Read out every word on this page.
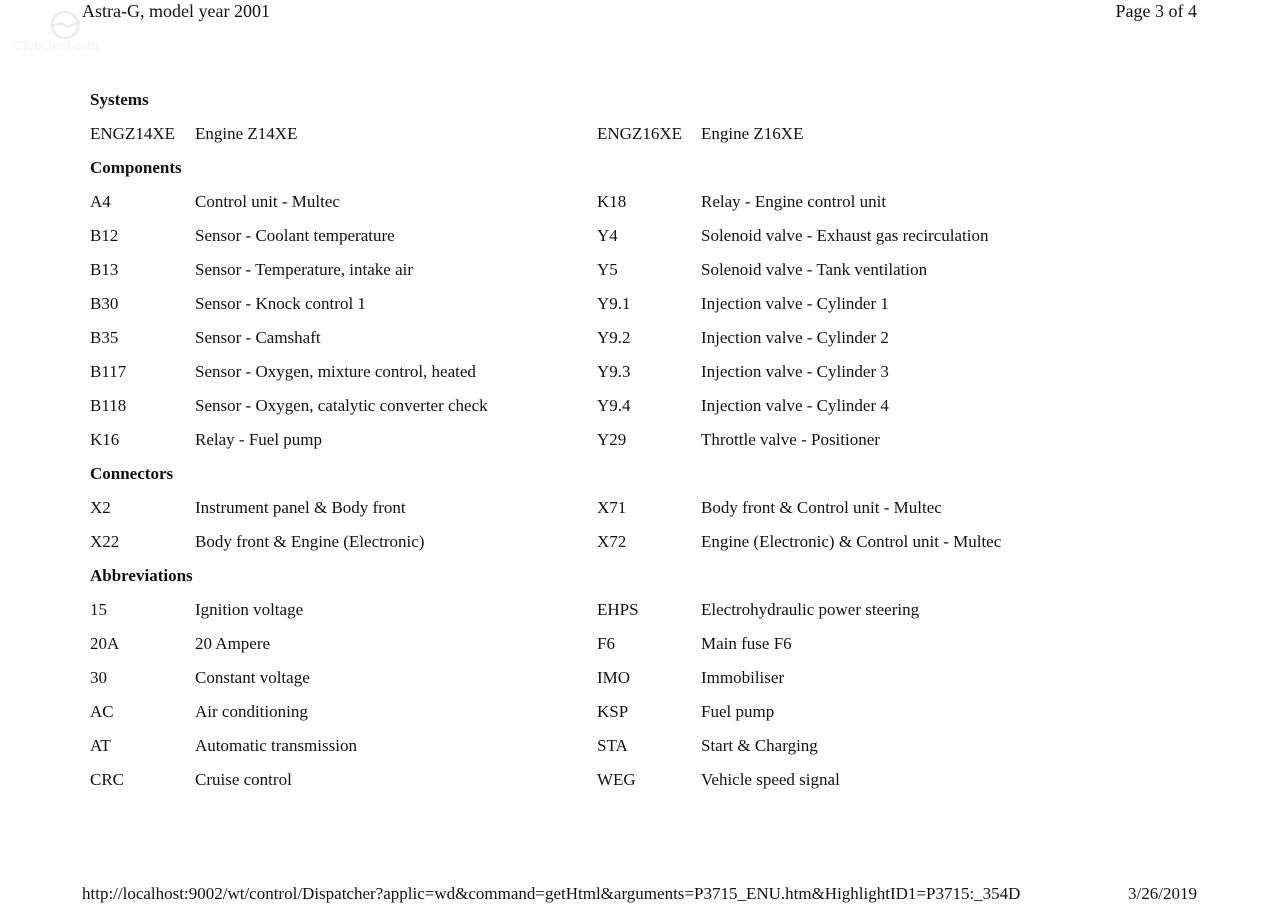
Astra-G, model year 2001	Page 3 of 4
ClubOpel.com
Systems
ENGZ14XE Engine Z14XE	ENGZ16XE Engine Z16XE
Components
A4	Control unit - Multec	K18	Relay - Engine control unit
B12	Sensor - Coolant temperature	Y4	Solenoid valve - Exhaust gas recirculation
B13	Sensor - Temperature, intake air	Y5	Solenoid valve - Tank ventilation
B30	Sensor - Knock control 1	Y9.1	Injection valve - Cylinder 1
B35	Sensor - Camshaft	Y9.2	Injection valve - Cylinder 2
B117	Sensor - Oxygen, mixture control, heated	Y9.3	Injection valve - Cylinder 3
B118	Sensor - Oxygen, catalytic converter check	Y9.4	Injection valve - Cylinder 4
K16	Relay - Fuel pump	Y29	Throttle valve - Positioner
Connectors
X2	Instrument panel & Body front	X71	Body front & Control unit - Multec
X22	Body front & Engine (Electronic)	X72	Engine (Electronic) & Control unit - Multec
Abbreviations
15	Ignition voltage	EHPS	Electrohydraulic power steering
20A	20 Ampere	F6	Main fuse F6
30	Constant voltage	IMO	Immobiliser
AC	Air conditioning	KSP	Fuel pump
AT	Automatic transmission	STA	Start & Charging
CRC	Cruise control	WEG	Vehicle speed signal
http://localhost:9002/wt/control/Dispatcher?applic=wd&command=getHtml&arguments=P3715_ENU.htm&HighlightID1=P3715:_354D	3/26/2019
